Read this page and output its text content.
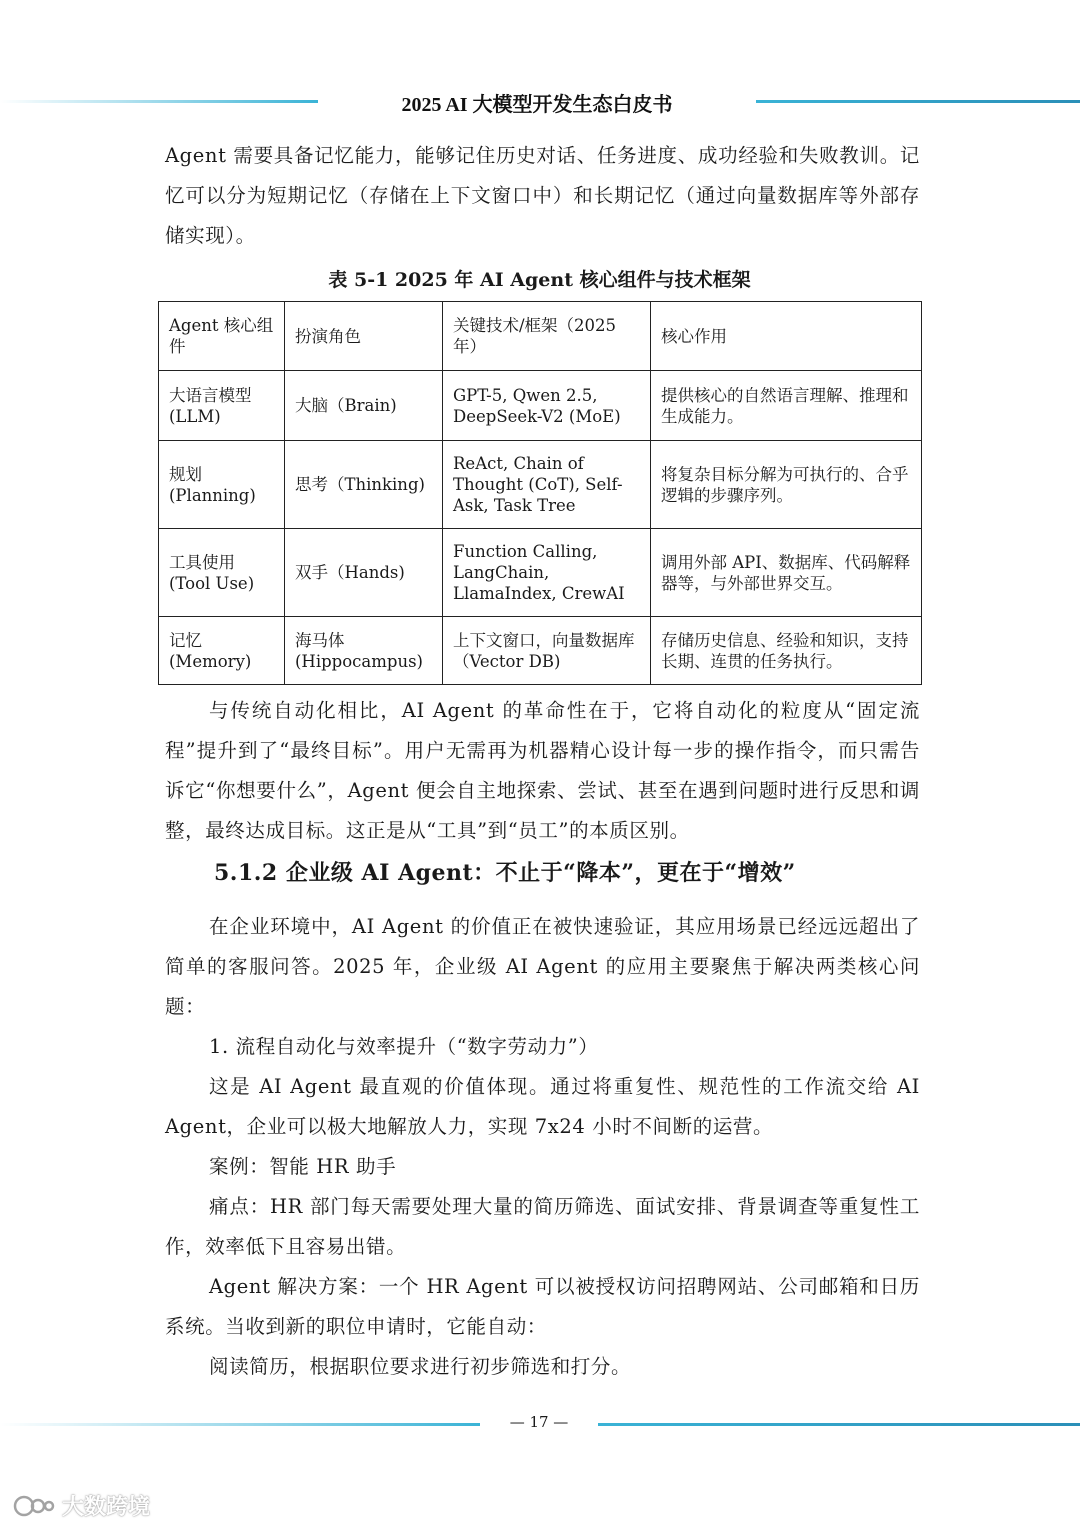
2025 AI 大模型开发生态白皮书

Agent 需要具备记忆能力，能够记住历史对话、任务进度、成功经验和失败教训。记忆可以分为短期记忆（存储在上下文窗口中）和长期记忆（通过向量数据库等外部存储实现）。

表 5-1 2025 年 AI Agent 核心组件与技术框架
Agent 核心组件	扮演角色	关键技术/框架（2025 年）	核心作用
大语言模型 (LLM)	大脑（Brain)	GPT-5, Qwen 2.5, DeepSeek-V2 (MoE)	提供核心的自然语言理解、推理和生成能力。
规划 (Planning)	思考（Thinking)	ReAct, Chain of Thought (CoT), Self-Ask, Task Tree	将复杂目标分解为可执行的、合乎逻辑的步骤序列。
工具使用 (Tool Use)	双手（Hands)	Function Calling, LangChain, LlamaIndex, CrewAI	调用外部 API、数据库、代码解释器等，与外部世界交互。
记忆 (Memory)	海马体 (Hippocampus)	上下文窗口，向量数据库（Vector DB)	存储历史信息、经验和知识，支持长期、连贯的任务执行。

与传统自动化相比，AI Agent 的革命性在于，它将自动化的粒度从“固定流程”提升到了“最终目标”。用户无需再为机器精心设计每一步的操作指令，而只需告诉它“你想要什么”，Agent 便会自主地探索、尝试、甚至在遇到问题时进行反思和调整，最终达成目标。这正是从“工具”到“员工”的本质区别。

5.1.2 企业级 AI Agent：不止于“降本”，更在于“增效”

在企业环境中，AI Agent 的价值正在被快速验证，其应用场景已经远远超出了简单的客服问答。2025 年，企业级 AI Agent 的应用主要聚焦于解决两类核心问题：

1. 流程自动化与效率提升（“数字劳动力”）

这是 AI Agent 最直观的价值体现。通过将重复性、规范性的工作流交给 AI Agent，企业可以极大地解放人力，实现 7x24 小时不间断的运营。

案例：智能 HR 助手

痛点：HR 部门每天需要处理大量的简历筛选、面试安排、背景调查等重复性工作，效率低下且容易出错。

Agent 解决方案：一个 HR Agent 可以被授权访问招聘网站、公司邮箱和日历系统。当收到新的职位申请时，它能自动：

阅读简历，根据职位要求进行初步筛选和打分。

— 17 —
大数跨境
